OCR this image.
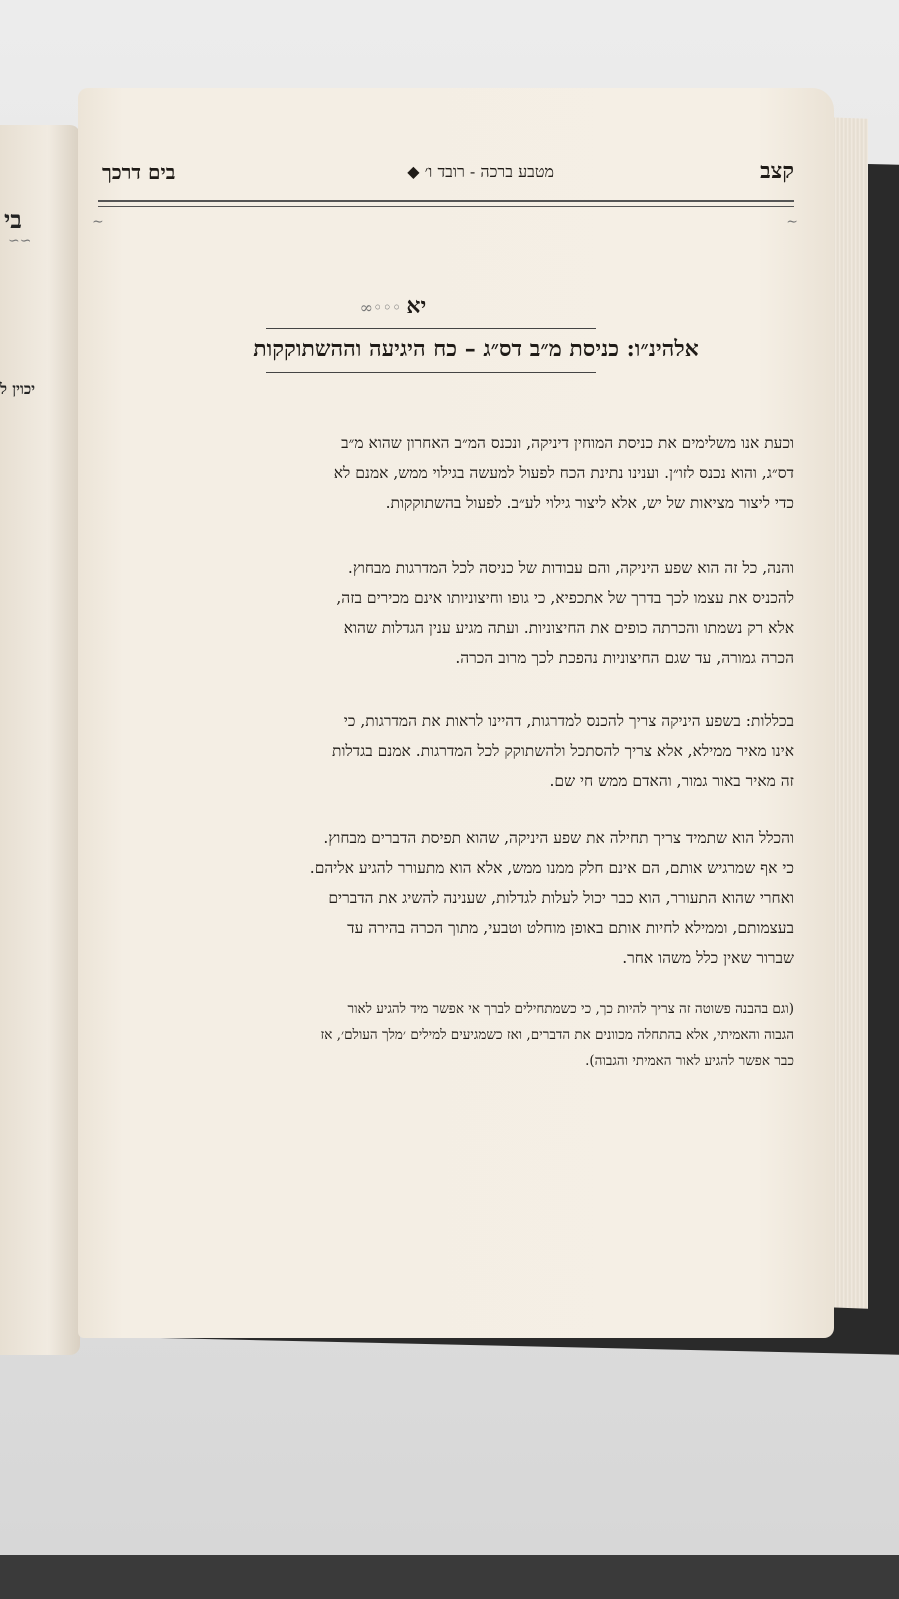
בי
∽∽
יכוין ל
קצב
מטבע ברכה - רובד ו׳ ◆
בים דרכך
∽	∽
יא ◦◦◦∞
אלהינ״ו: כניסת מ״ב דס״ג – כח היגיעה וההשתוקקות

וכעת אנו משלימים את כניסת המוחין דיניקה, ונכנס המ״ב האחרון שהוא מ״ב

דס״ג, והוא נכנס לזו״ן. וענינו נתינת הכח לפעול למעשה בגילוי ממש, אמנם לא

כדי ליצור מציאות של יש, אלא ליצור גילוי לע״ב. לפעול בהשתוקקות.

והנה, כל זה הוא שפע היניקה, והם עבודות של כניסה לכל המדרגות מבחוץ.

להכניס את עצמו לכך בדרך של אתכפיא, כי גופו וחיצוניותו אינם מכירים בזה,

אלא רק נשמתו והכרתה כופים את החיצוניות. ועתה מגיע ענין הגדלות שהוא

הכרה גמורה, עד שגם החיצוניות נהפכת לכך מרוב הכרה.

בכללות: בשפע היניקה צריך להכנס למדרגות, דהיינו לראות את המדרגות, כי

אינו מאיר ממילא, אלא צריך להסתכל ולהשתוקק לכל המדרגות. אמנם בגדלות

זה מאיר באור גמור, והאדם ממש חי שם.

והכלל הוא שתמיד צריך תחילה את שפע היניקה, שהוא תפיסת הדברים מבחוץ.

כי אף שמרגיש אותם, הם אינם חלק ממנו ממש, אלא הוא מתעורר להגיע אליהם.

ואחרי שהוא התעורר, הוא כבר יכול לעלות לגדלות, שענינה להשיג את הדברים

בעצמותם, וממילא לחיות אותם באופן מוחלט וטבעי, מתוך הכרה בהירה עד

שברור שאין כלל משהו אחר.

(וגם בהבנה פשוטה זה צריך להיות כך, כי כשמתחילים לברך אי אפשר מיד להגיע לאור

הגבוה והאמיתי, אלא בהתחלה מכוונים את הדברים, ואז כשמגיעים למילים ׳מלך העולם׳, אז

כבר אפשר להגיע לאור האמיתי והגבוה).
